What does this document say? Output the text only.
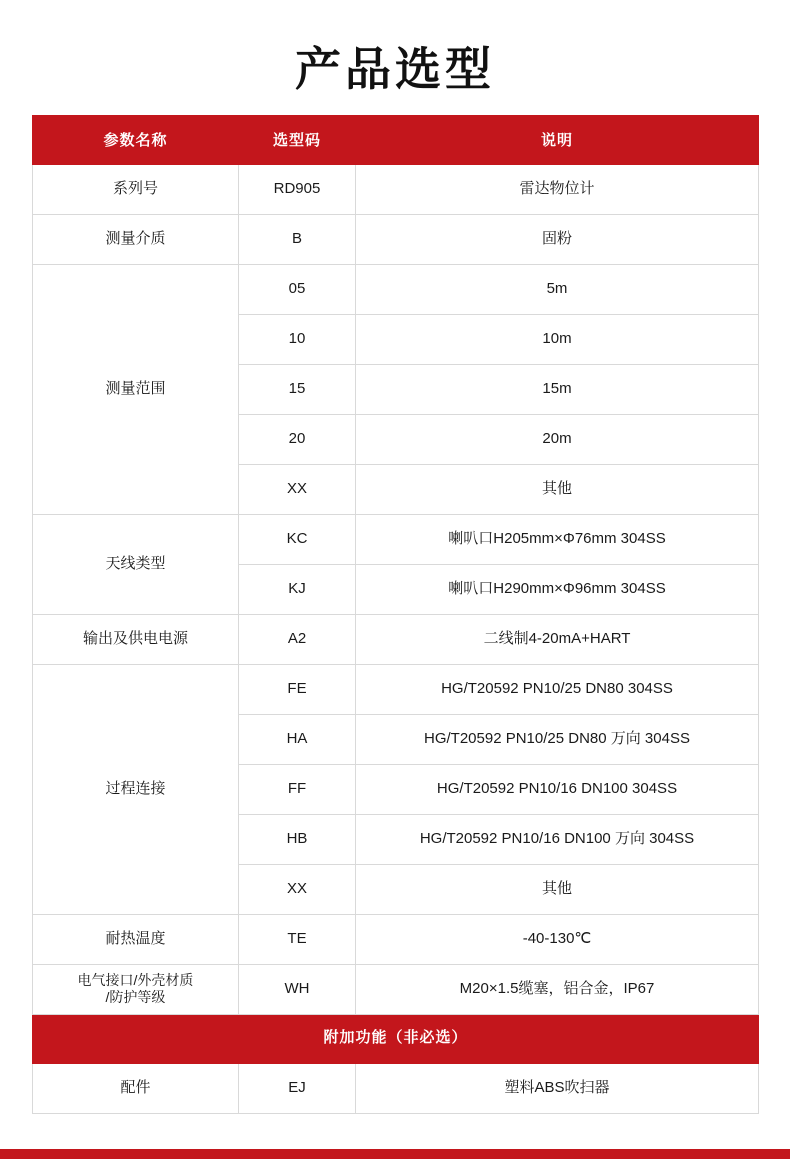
产品选型
参数名称	选型码	说明
系列号	RD905	雷达物位计
测量介质	B	固粉
测量范围	05	5m
	10	10m
	15	15m
	20	20m
	XX	其他
天线类型	KC	喇叭口H205mm×Φ76mm 304SS
	KJ	喇叭口H290mm×Φ96mm 304SS
输出及供电电源	A2	二线制4-20mA+HART
过程连接	FE	HG/T20592 PN10/25 DN80 304SS
	HA	HG/T20592 PN10/25 DN80 万向 304SS
	FF	HG/T20592 PN10/16 DN100 304SS
	HB	HG/T20592 PN10/16 DN100 万向 304SS
	XX	其他
耐热温度	TE	-40-130℃
电气接口/外壳材质
/防护等级	WH	M20×1.5缆塞，铝合金，IP67
附加功能（非必选）		
配件	EJ	塑料ABS吹扫器
